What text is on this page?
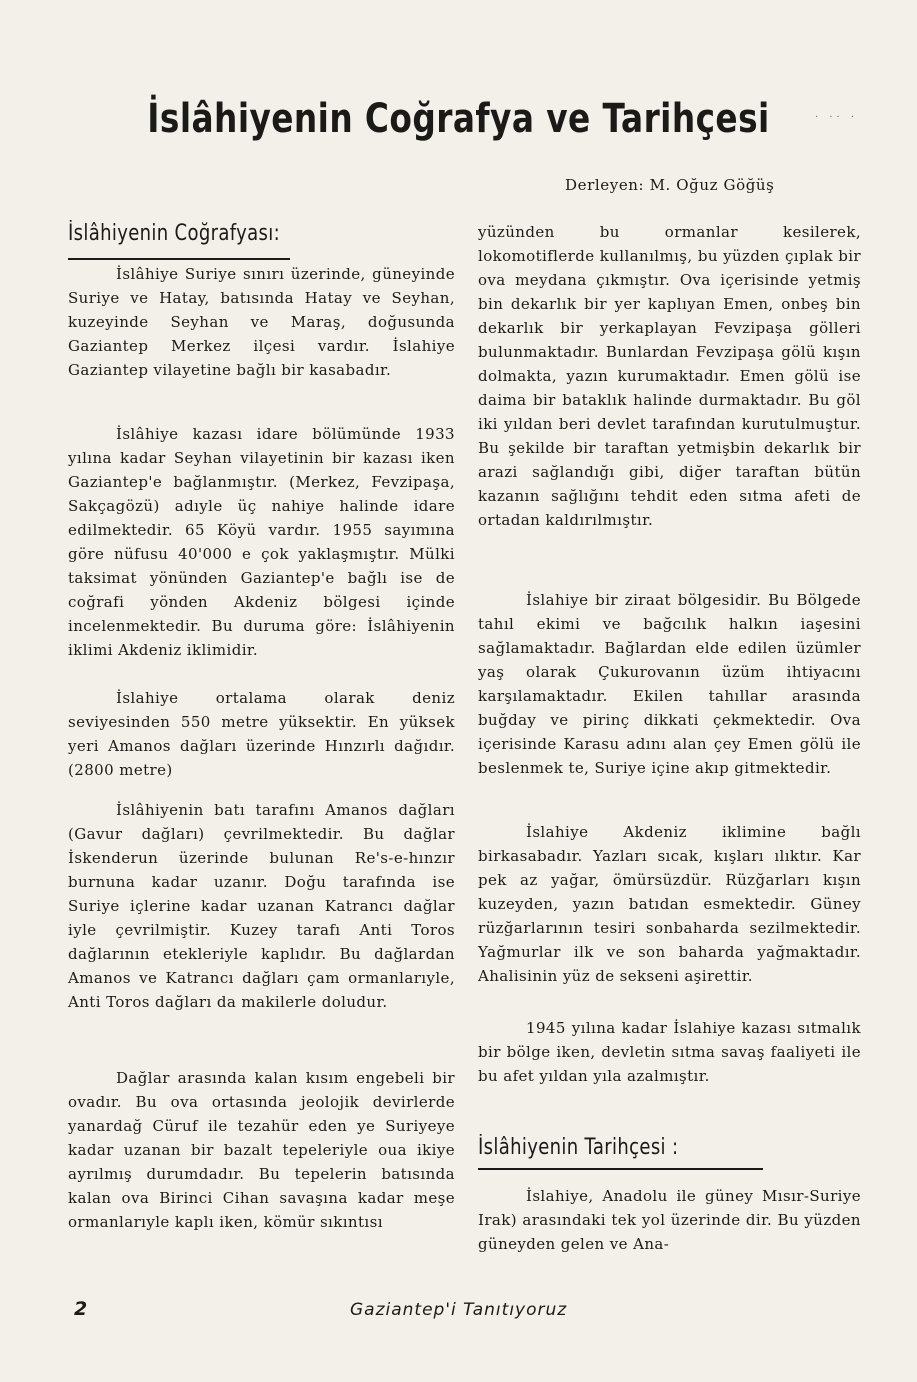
İslâhiyenin Coğrafya ve Tarihçesi	· ·· ·
Derleyen: M. Oğuz Göğüş
İslâhiyenin Coğrafyası:

İslâhiye Suriye sınırı üzerinde, güneyinde Suriye ve Hatay, batısında Hatay ve Seyhan, kuzeyinde Seyhan ve Maraş, doğusunda Gaziantep Merkez ilçesi vardır. İslahiye Gaziantep vilayetine bağlı bir kasabadır.

İslâhiye kazası idare bölümünde 1933 yılına kadar Seyhan vilayetinin bir kazası iken Gaziantep'e bağlanmıştır. (Merkez, Fevzipaşa, Sakçagözü) adıyle üç nahiye halinde idare edilmektedir. 65 Köyü vardır. 1955 sayımına göre nüfusu 40'000 e çok yaklaşmıştır. Mülki taksimat yönünden Gaziantep'e bağlı ise de coğrafi yönden Akdeniz bölgesi içinde incelenmektedir. Bu duruma göre: İslâhiyenin iklimi Akdeniz iklimidir.

İslahiye ortalama olarak deniz seviyesinden 550 metre yüksektir. En yüksek yeri Amanos dağları üzerinde Hınzırlı dağıdır. (2800 metre)

İslâhiyenin batı tarafını Amanos dağları (Gavur dağları) çevrilmektedir. Bu dağlar İskenderun üzerinde bulunan Re's-e-hınzır burnuna kadar uzanır. Doğu tarafında ise Suriye içlerine kadar uzanan Katrancı dağlar iyle çevrilmiştir. Kuzey tarafı Anti Toros dağlarının etekleriyle kaplıdır. Bu dağlardan Amanos ve Katrancı dağları çam ormanlarıyle, Anti Toros dağları da makilerle doludur.

Dağlar arasında kalan kısım engebeli bir ovadır. Bu ova ortasında jeolojik devirlerde yanardağ Cüruf ile tezahür eden ye Suriyeye kadar uzanan bir bazalt tepeleriyle oua ikiye ayrılmış durumdadır. Bu tepelerin batısında kalan ova Birinci Cihan savaşına kadar meşe ormanlarıyle kaplı iken, kömür sıkıntısı

yüzünden bu ormanlar kesilerek, lokomotiflerde kullanılmış, bu yüzden çıplak bir ova meydana çıkmıştır. Ova içerisinde yetmiş bin dekarlık bir yer kaplıyan Emen, onbeş bin dekarlık bir yerkaplayan Fevzipaşa gölleri bulunmaktadır. Bunlardan Fevzipaşa gölü kışın dolmakta, yazın kurumaktadır. Emen gölü ise daima bir bataklık halinde durmaktadır. Bu göl iki yıldan beri devlet tarafından kurutulmuştur. Bu şekilde bir taraftan yetmişbin dekarlık bir arazi sağlandığı gibi, diğer taraftan bütün kazanın sağlığını tehdit eden sıtma afeti de ortadan kaldırılmıştır.

İslahiye bir ziraat bölgesidir. Bu Bölgede tahıl ekimi ve bağcılık halkın iaşesini sağlamaktadır. Bağlardan elde edilen üzümler yaş olarak Çukurovanın üzüm ihtiyacını karşılamaktadır. Ekilen tahıllar arasında buğday ve pirinç dikkati çekmektedir. Ova içerisinde Karasu adını alan çey Emen gölü ile beslenmek te, Suriye içine akıp gitmektedir.

İslahiye Akdeniz iklimine bağlı birkasabadır. Yazları sıcak, kışları ılıktır. Kar pek az yağar, ömürsüzdür. Rüzğarları kışın kuzeyden, yazın batıdan esmektedir. Güney rüzğarlarının tesiri sonbaharda sezilmektedir. Yağmurlar ilk ve son baharda yağmaktadır. Ahalisinin yüz de sekseni aşirettir.

1945 yılına kadar İslahiye kazası sıtmalık bir bölge iken, devletin sıtma savaş faaliyeti ile bu afet yıldan yıla azalmıştır.

İslâhiyenin Tarihçesi :

İslahiye, Anadolu ile güney Mısır-Suriye Irak) arasındaki tek yol üzerinde dir. Bu yüzden güneyden gelen ve Ana-

2	Gaziantep'i Tanıtıyoruz
